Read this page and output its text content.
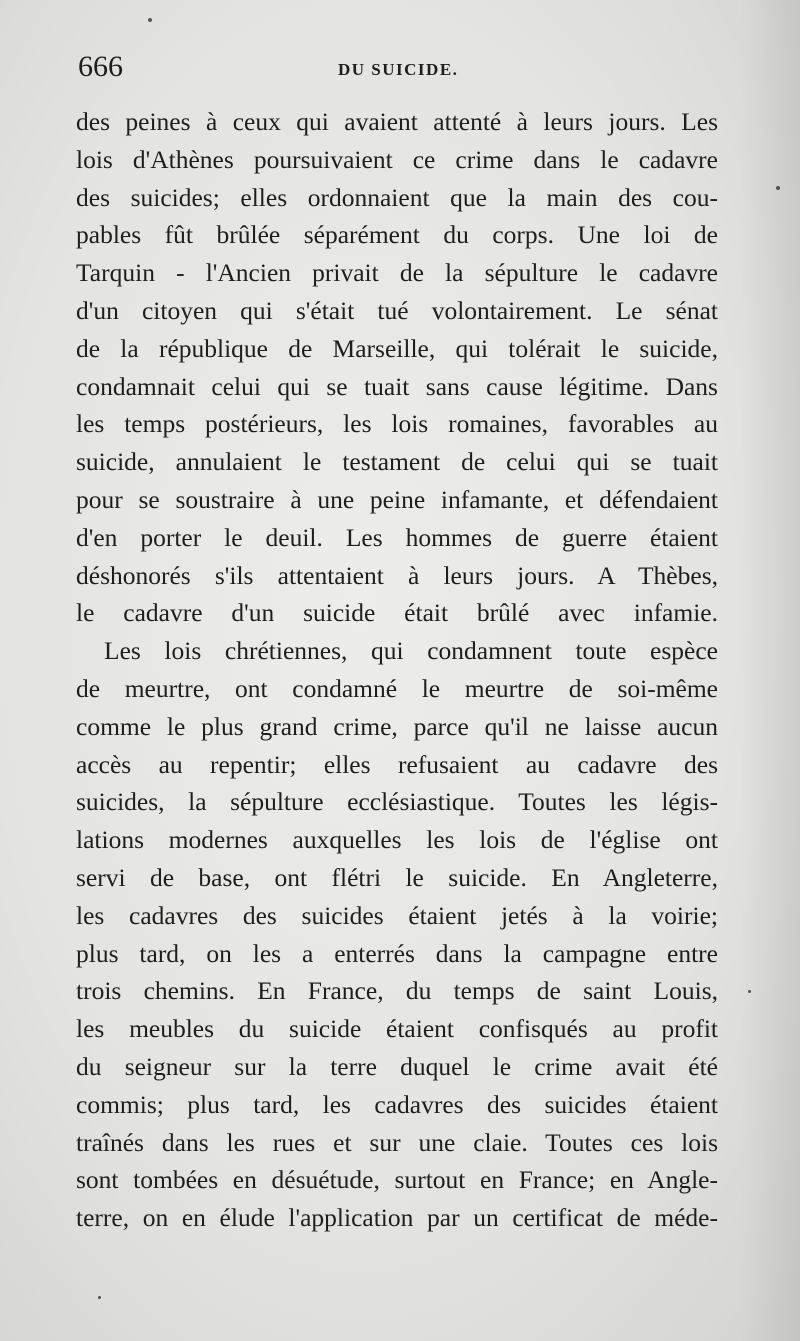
666	DU SUICIDE.
des peines à ceux qui avaient attenté à leurs jours. Les
lois d'Athènes poursuivaient ce crime dans le cadavre
des suicides; elles ordonnaient que la main des cou-
pables fût brûlée séparément du corps. Une loi de
Tarquin - l'Ancien privait de la sépulture le cadavre
d'un citoyen qui s'était tué volontairement. Le sénat
de la république de Marseille, qui tolérait le suicide,
condamnait celui qui se tuait sans cause légitime. Dans
les temps postérieurs, les lois romaines, favorables au
suicide, annulaient le testament de celui qui se tuait
pour se soustraire à une peine infamante, et défendaient
d'en porter le deuil. Les hommes de guerre étaient
déshonorés s'ils attentaient à leurs jours. A Thèbes,
le cadavre d'un suicide était brûlé avec infamie.
Les lois chrétiennes, qui condamnent toute espèce
de meurtre, ont condamné le meurtre de soi-même
comme le plus grand crime, parce qu'il ne laisse aucun
accès au repentir; elles refusaient au cadavre des
suicides, la sépulture ecclésiastique. Toutes les légis-
lations modernes auxquelles les lois de l'église ont
servi de base, ont flétri le suicide. En Angleterre,
les cadavres des suicides étaient jetés à la voirie;
plus tard, on les a enterrés dans la campagne entre
trois chemins. En France, du temps de saint Louis,
les meubles du suicide étaient confisqués au profit
du seigneur sur la terre duquel le crime avait été
commis; plus tard, les cadavres des suicides étaient
traînés dans les rues et sur une claie. Toutes ces lois
sont tombées en désuétude, surtout en France; en Angle-
terre, on en élude l'application par un certificat de méde-
